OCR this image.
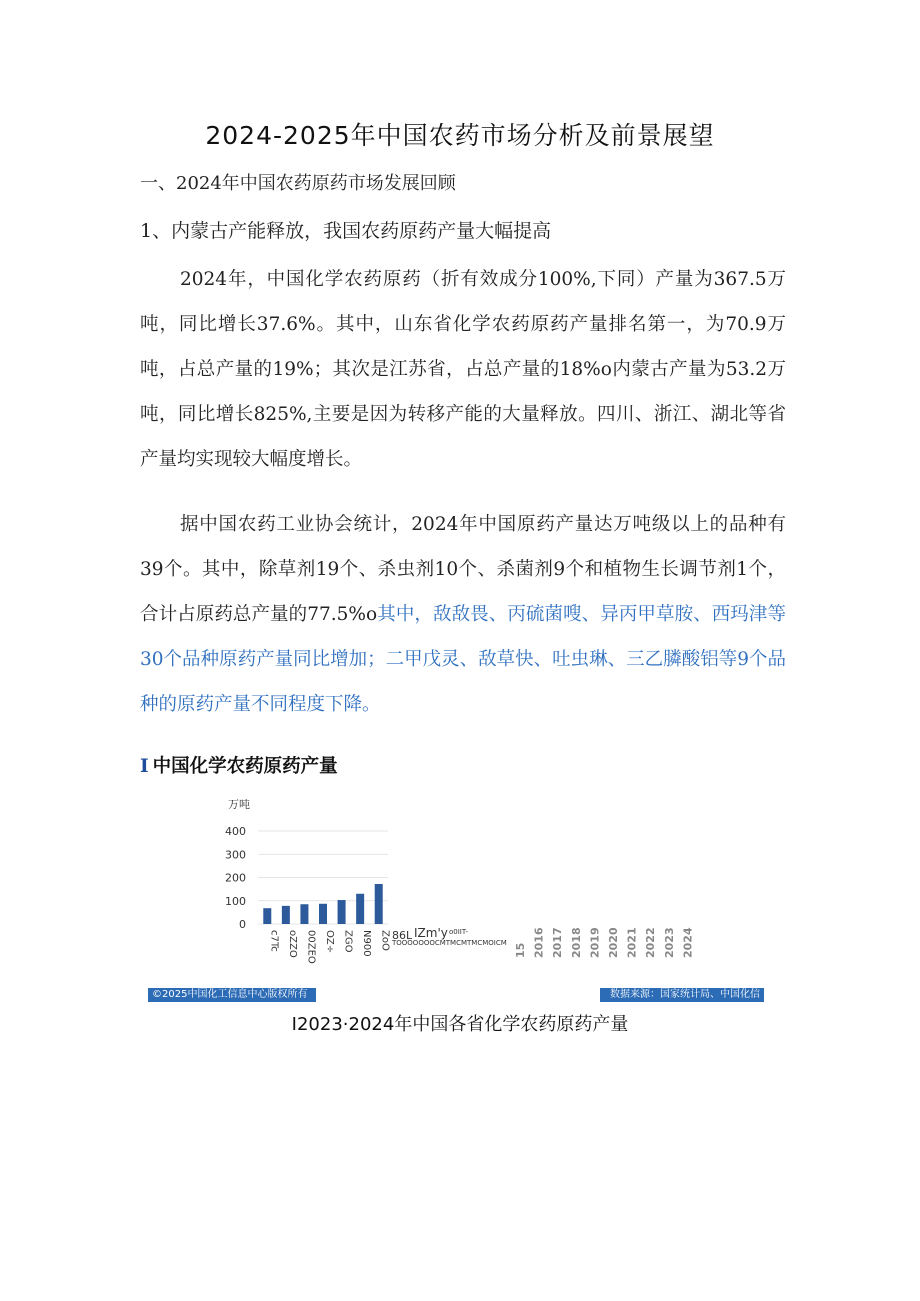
2024-2025年中国农药市场分析及前景展望
一、2024年中国农药原药市场发展回顾
1、内蒙古产能释放，我国农药原药产量大幅提高

2024年，中国化学农药原药（折有效成分100%,下同）产量为367.5万吨，同比增长37.6%。其中，山东省化学农药原药产量排名第一，为70.9万吨，占总产量的19%；其次是江苏省，占总产量的18%o内蒙古产量为53.2万吨，同比增长825%,主要是因为转移产能的大量释放。四川、浙江、湖北等省产量均实现较大幅度增长。

据中国农药工业协会统计，2024年中国原药产量达万吨级以上的品种有39个。其中，除草剂19个、杀虫剂10个、杀菌剂9个和植物生长调节剂1个，合计占原药总产量的77.5%o其中，敌敌畏、丙硫菌嗖、异丙甲草胺、西玛津等30个品种原药产量同比增加；二甲戊灵、敌草快、吐虫琳、三乙膦酸铝等9个品种的原药产量不同程度下降。

I 中国化学农药原药产量
万吨
400
300
200
100
0
c7Tc oZZO 00ZEO OZ÷ ZGO N900 ZoO 86L IZm'y o0IIT-
TOOOOOOOCMTMCMTMCMOICM 15 2016 2017 2018 2019 2020 2021 2022 2023 2024
©2025中国化工信息中心版权所有	数据来源：国家统计局、中国化信
I2023·2024年中国各省化学农药原药产量
